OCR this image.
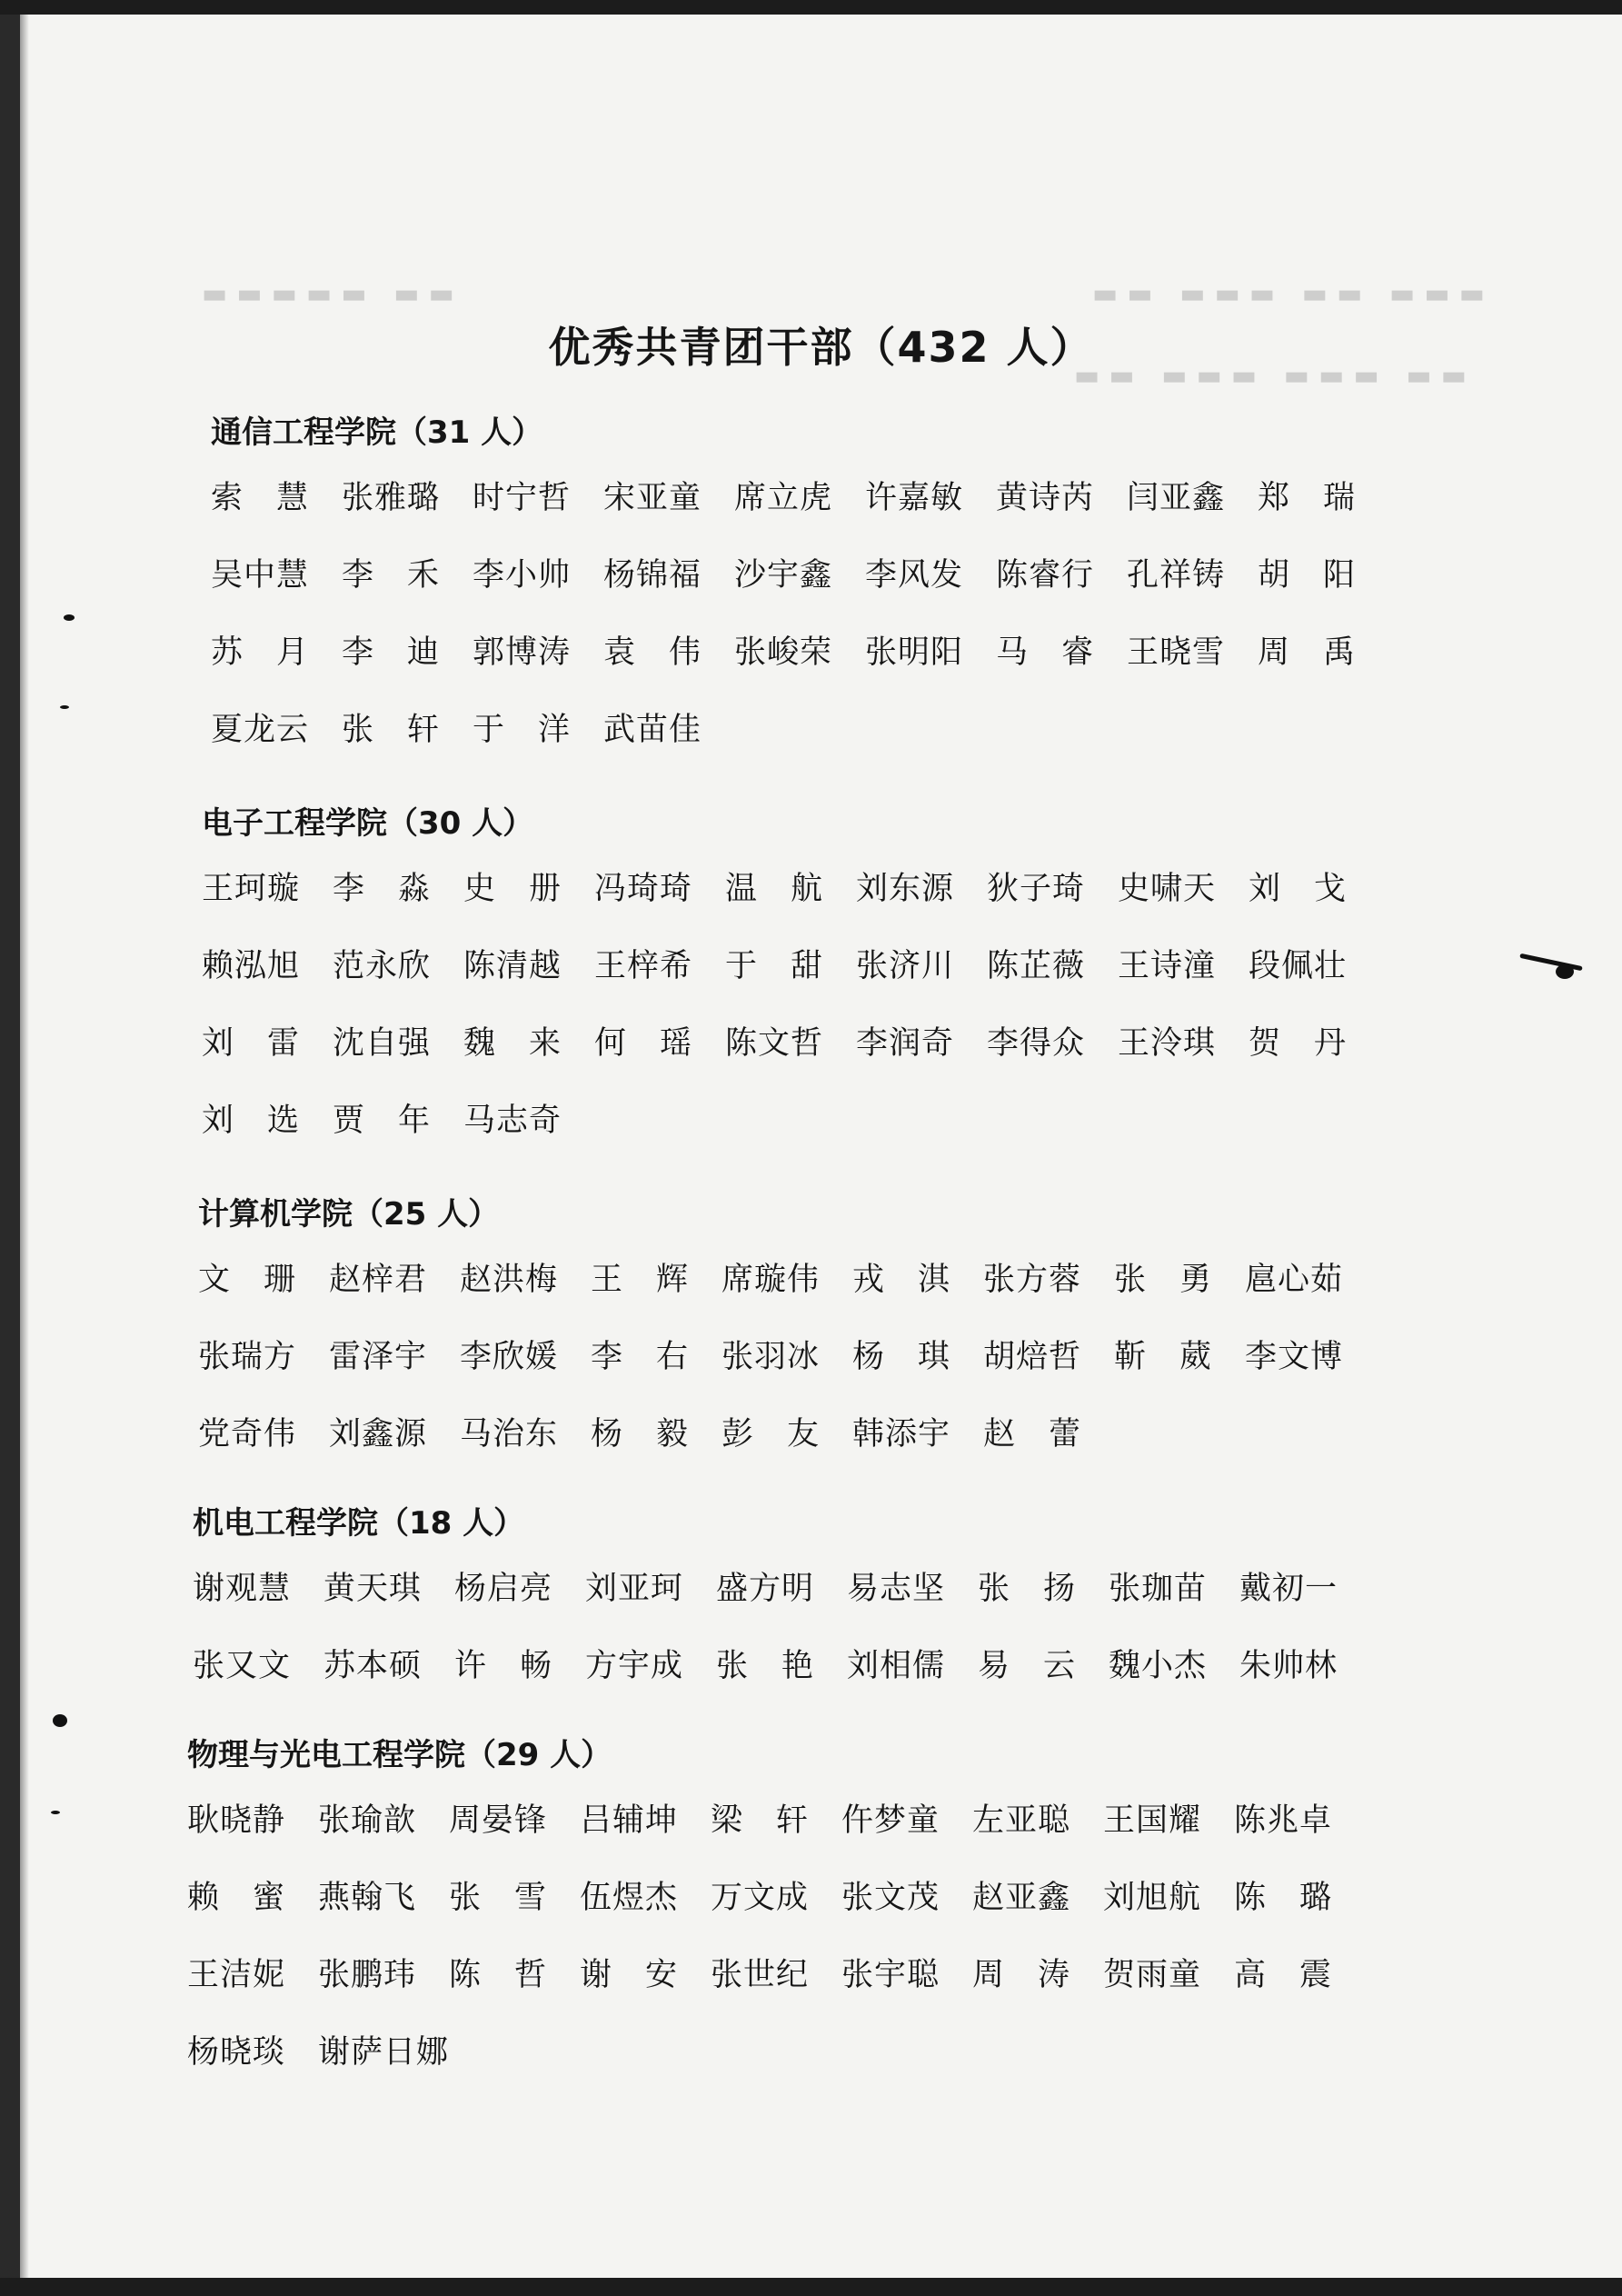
▬▬ ▬▬▬ ▬▬ ▬▬▬
▬▬▬▬▬ ▬▬
▬▬ ▬▬▬ ▬▬▬ ▬▬
优秀共青团干部（432 人）
通信工程学院（31 人）
索　慧	张雅璐	时宁哲	宋亚童	席立虎	许嘉敏	黄诗芮	闫亚鑫	郑　瑞
吴中慧	李　禾	李小帅	杨锦福	沙宇鑫	李风发	陈睿行	孔祥铸	胡　阳
苏　月	李　迪	郭博涛	袁　伟	张峻荣	张明阳	马　睿	王晓雪	周　禹
夏龙云	张　轩	于　洋	武苗佳
电子工程学院（30 人）
王珂璇	李　淼	史　册	冯琦琦	温　航	刘东源	狄子琦	史啸天	刘　戈
赖泓旭	范永欣	陈清越	王梓希	于　甜	张济川	陈芷薇	王诗潼	段佩壮
刘　雷	沈自强	魏　来	何　瑶	陈文哲	李润奇	李得众	王泠琪	贺　丹
刘　选	贾　年	马志奇
计算机学院（25 人）
文　珊	赵梓君	赵洪梅	王　辉	席璇伟	戎　淇	张方蓉	张　勇	扈心茹
张瑞方	雷泽宇	李欣媛	李　右	张羽冰	杨　琪	胡焙哲	靳　葳	李文博
党奇伟	刘鑫源	马治东	杨　毅	彭　友	韩添宇	赵　蕾
机电工程学院（18 人）
谢观慧	黄天琪	杨启亮	刘亚珂	盛方明	易志坚	张　扬	张珈苗	戴初一
张又文	苏本硕	许　畅	方宇成	张　艳	刘相儒	易　云	魏小杰	朱帅林
物理与光电工程学院（29 人）
耿晓静	张瑜歆	周晏锋	吕辅坤	梁　轩	仵梦童	左亚聪	王国耀	陈兆卓
赖　蜜	燕翰飞	张　雪	伍煜杰	万文成	张文茂	赵亚鑫	刘旭航	陈　璐
王洁妮	张鹏玮	陈　哲	谢　安	张世纪	张宇聪	周　涛	贺雨童	高　震
杨晓琰	谢萨日娜
